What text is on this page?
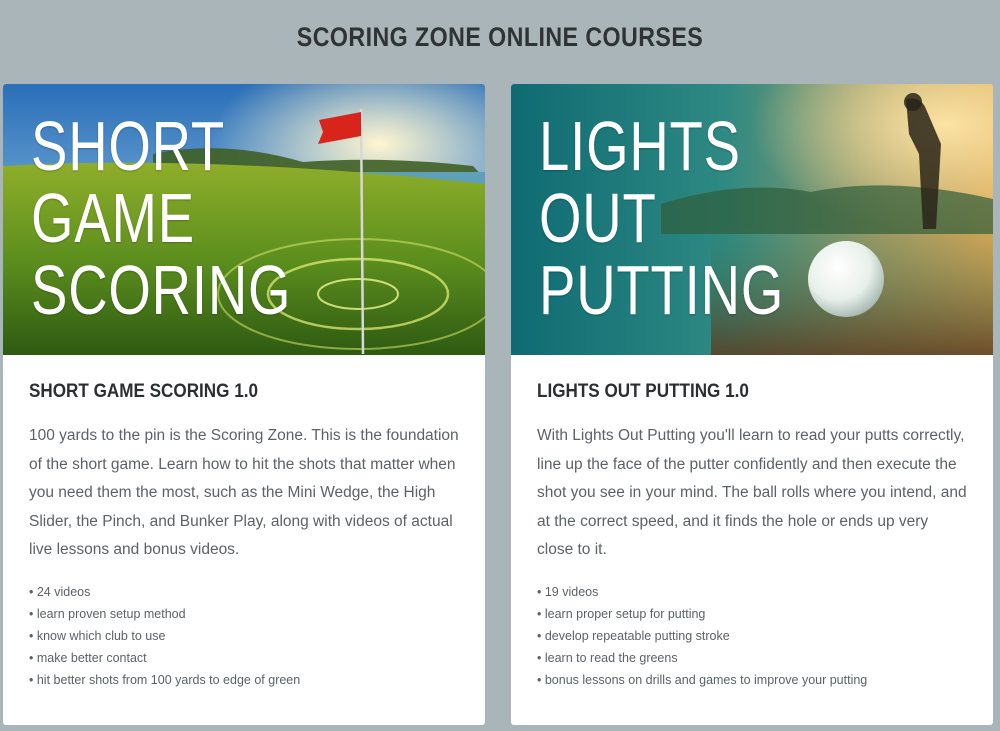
SCORING ZONE ONLINE COURSES
SHORT
GAME
SCORING
SHORT GAME SCORING 1.0

100 yards to the pin is the Scoring Zone. This is the foundation of the short game. Learn how to hit the shots that matter when you need them the most, such as the Mini Wedge, the High Slider, the Pinch, and Bunker Play, along with videos of actual live lessons and bonus videos.

• 24 videos
• learn proven setup method
• know which club to use
• make better contact
• hit better shots from 100 yards to edge of green
LIGHTS
OUT
PUTTING
LIGHTS OUT PUTTING 1.0

With Lights Out Putting you'll learn to read your putts correctly, line up the face of the putter confidently and then execute the shot you see in your mind. The ball rolls where you intend, and at the correct speed, and it finds the hole or ends up very close to it.

• 19 videos
• learn proper setup for putting
• develop repeatable putting stroke
• learn to read the greens
• bonus lessons on drills and games to improve your putting
